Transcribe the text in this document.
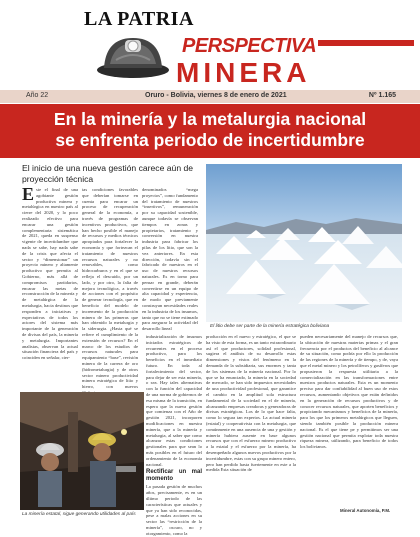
LA PATRIA
PERSPECTIVA
MINERA
Año 22	Oruro - Bolivia, viernes 8 de enero de 2021	Nº 1.165
En la minería y la metalurgia nacional
se enfrenta periodo de incertidumbre
El inicio de una nueva gestión carece aún de proyección técnica
Este el final de una agobiante gestión productiva minera y metalúrgica en nuestro país al cierre del 2020, y lo poco realizado efectivo para encarar una gestión complementaria sistemática de 2021, queda en suspenso vigente de incertidumbre que nada se sabe, hay nada sabe de la crisis que afecta el sector y “dimensionar” un proyecto minero y altamente productivo que permita al Gobierno, más allá de compromisos partidarios, encarar las metas de reconstrucción de la minería y de metalúrgica de la metalurgia, hacia destinos que responden a iniciativas y expectativas de todos los actores del sistema más importante de la generación de divisas del país, la minería y metalurgia. Importantes analistas, observan la actual situación financiera del país y coinciden en señalar, cier-
tas condiciones favorables que deberían tomarse en cuenta para encarar un proceso de recuperación general de la economía, a través de programas de incentivos productivos, que han hecho posible el manejo de recursos y medios técnicos apropiados para fortalecer la economía y que fortezcan el tratamiento de nuestros recursos naturales y no renovables, como hidrocarburos y en el que se refleja el descuido, por un lado, y por otro, la falta de mejora tecnológica, a través de acciones con el propósito de generar tecnología, que en beneficio del modelo de incremento de la producción minera de las primeras que han obtenido la metalurgia y la siderurgia. ¿Hasta qué se refiere el cumplimiento de la extensión de recursos? En el marco de los estudios de recursos naturales para equipamiento “base”, revisión minera de la carrera de oro (hidrometalurgia) y de otros sector minero productividad minera estratégica de litio y hierro, con nuevos
denominados “mega proyectos”, como fundamento del tratamiento de nuestros “insertivos”, remuneración por su capacidad sostenible, aunque todavía se observan tiempos en zonas y propietarios, tratamiento y conversión en nuestra industria para fabricar los pilas de los litio, que son la vez anteriores. En esta dirección, todavía sin el fabricado de nuestros en el uso de nuestros recursos naturales. Es en torno para pensar en grande, deberán convertirse en un equipo de alta capacidad y experiencia, de modo que previamente construyan necesidades reales en la industria de los insumos, tanto que no se tiene estimado para asegurar la actividad del desarrollo lineal	El litio debe ser parte de la minería estratégica boliviana
industrialización de insumos iniciados estratégicos de recurrentes en el proceso productivo, para los beneficios en el inmediato futuro. En toda al fortalecimiento del sector, para dejar de ser esta minería, o sea. Hay tales alternativas con la función del capacidad de una norma de gobiernos de esa misma de la transición, en espera que la nueva gestión que comienza con el Año de gestión 2021, incorporen modificaciones en nuestra minería, que a la minería y metalurgia, al saber que como alcanzar estas condiciones gestionales para que sean lo más posibles en el futuro del ordenamiento de la economía nacional.
Rectificar un mal momento
La pasada gestión de muchos años, precisamente, es en un último periodo de las características que actuales y que ya han sido reconocidas, pese a malas acciones en su sector las “restricción de la minería”, oscuro, no y otorgamiento, como la
producción en el nuevo y estratégico, el que se ha visto de esta forma, es un tanto extraordinario así el que productores, solidad profesional, sugiera el análisis de su desarrollo estas dimensiones y vistos del fenómeno en la demanda de la subsidiaria, sus enormes y tanta de los sistemas de la minería nacional. Por lo que se ha enunciado, la minería en la sociedad de mercado, se han sido impuestos necesidades de una productividad profesional, que garantice el cambio en la amplitud sola estructura fundamental de la sociedad en el de minería, alcanzando empresas creadoras y generadoras de divisas estratégicas. Los de lo que hace falta, como lo segura tan expertos. La actual minería (estatal) y cooperativista con la metalurgia, que comúnmente en una ausencia de una y gestión y minería hubiera ausente en base algunos recursos que con el esfuerzo minero productivo a la estatal y el esfuerzo por la minería, ha desempeñado algunos nuevos productivos por la incertidumbre, estas con su grupo minero entero, pero han perdido hasta fuertemente en este a la medida Esta situación de
pueden necesariamente del manejo de recursos que, la ubicación de nuestras materias primas y el gran frecuencia por el productos del beneficio al alcance de su situación, como podría por ello la producción de las regiones de la minería y de tiempo, y de, vaya que el metal minero y los petrolíferos y gasíferos que propusieron la respuesta utilitaria a la comercialización en las transformaciones entre nuestros productos naturales. Esta es un momento preciso para dar confiabilidad al buen uso de estos recursos, aumentando objetivos que están definidos en la generación de recursos productivos y de conocer recursos naturales, que aporten beneficios y propiciando mecanismos y beneficios de la minería, para los que los primeros metalúrgicos que lleguen, siendo también posible la producción minera nacional. Es el que tiene pe y permitimos ser una gestión nacional que permita explotar toda nuestra riqueza minera, utilizando, para beneficio de todos los bolivianos.
Mineral Autonomía, P.M.
La minería estatal, sigue generando utilidades al país
